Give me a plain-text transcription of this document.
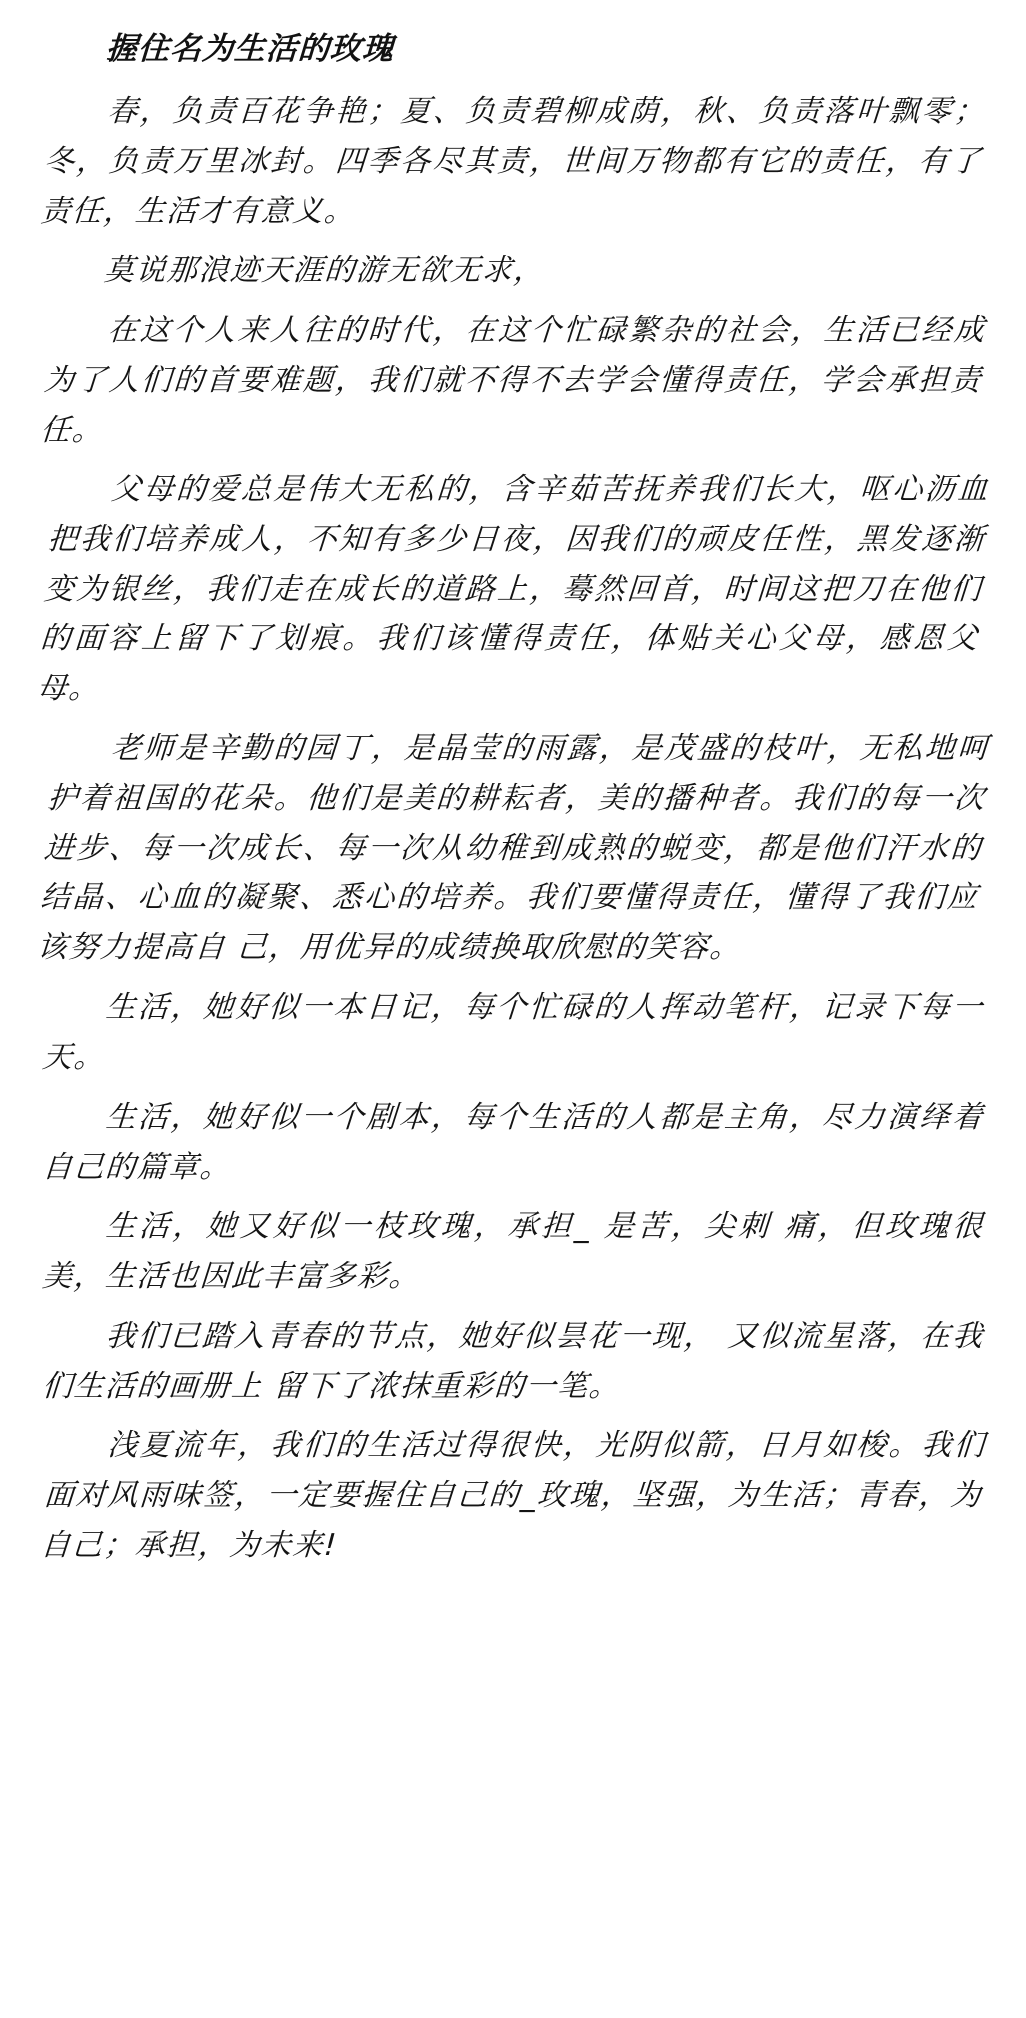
握住名为生活的玫瑰

春，负责百花争艳；夏、负责碧柳成荫，秋、负责落叶飘零；冬，负责万里冰封。四季各尽其责，世间万物都有它的责任，有了责任，生活才有意义。

莫说那浪迹天涯的游无欲无求，

在这个人来人往的时代，在这个忙碌繁杂的社会，生活已经成为了人们的首要难题，我们就不得不去学会懂得责任，学会承担责任。

父母的爱总是伟大无私的，含辛茹苦抚养我们长大，呕心沥血把我们培养成人，不知有多少日夜，因我们的顽皮任性，黑发逐渐变为银丝，我们走在成长的道路上，蓦然回首，时间这把刀在他们的面容上留下了划痕。我们该懂得责任，体贴关心父母，感恩父母。

老师是辛勤的园丁，是晶莹的雨露，是茂盛的枝叶，无私地呵护着祖国的花朵。他们是美的耕耘者，美的播种者。我们的每一次进步、每一次成长、每一次从幼稚到成熟的蜕变，都是他们汗水的结晶、心血的凝聚、悉心的培养。我们要懂得责任，懂得了我们应该努力提高自 己，用优异的成绩换取欣慰的笑容。

生活，她好似一本日记，每个忙碌的人挥动笔杆，记录下每一天。

生活，她好似一个剧本，每个生活的人都是主角，尽力演绎着自己的篇章。

生活，她又好似一枝玫瑰，承担_ 是苦，尖刺 痛，但玫瑰很美，生活也因此丰富多彩。

我们已踏入青春的节点，她好似昙花一现， 又似流星落，在我们生活的画册上 留下了浓抹重彩的一笔。

浅夏流年，我们的生活过得很快，光阴似箭，日月如梭。我们面对风雨味签，一定要握住自己的_玫瑰，坚强，为生活；青春，为自己；承担，为未来!
